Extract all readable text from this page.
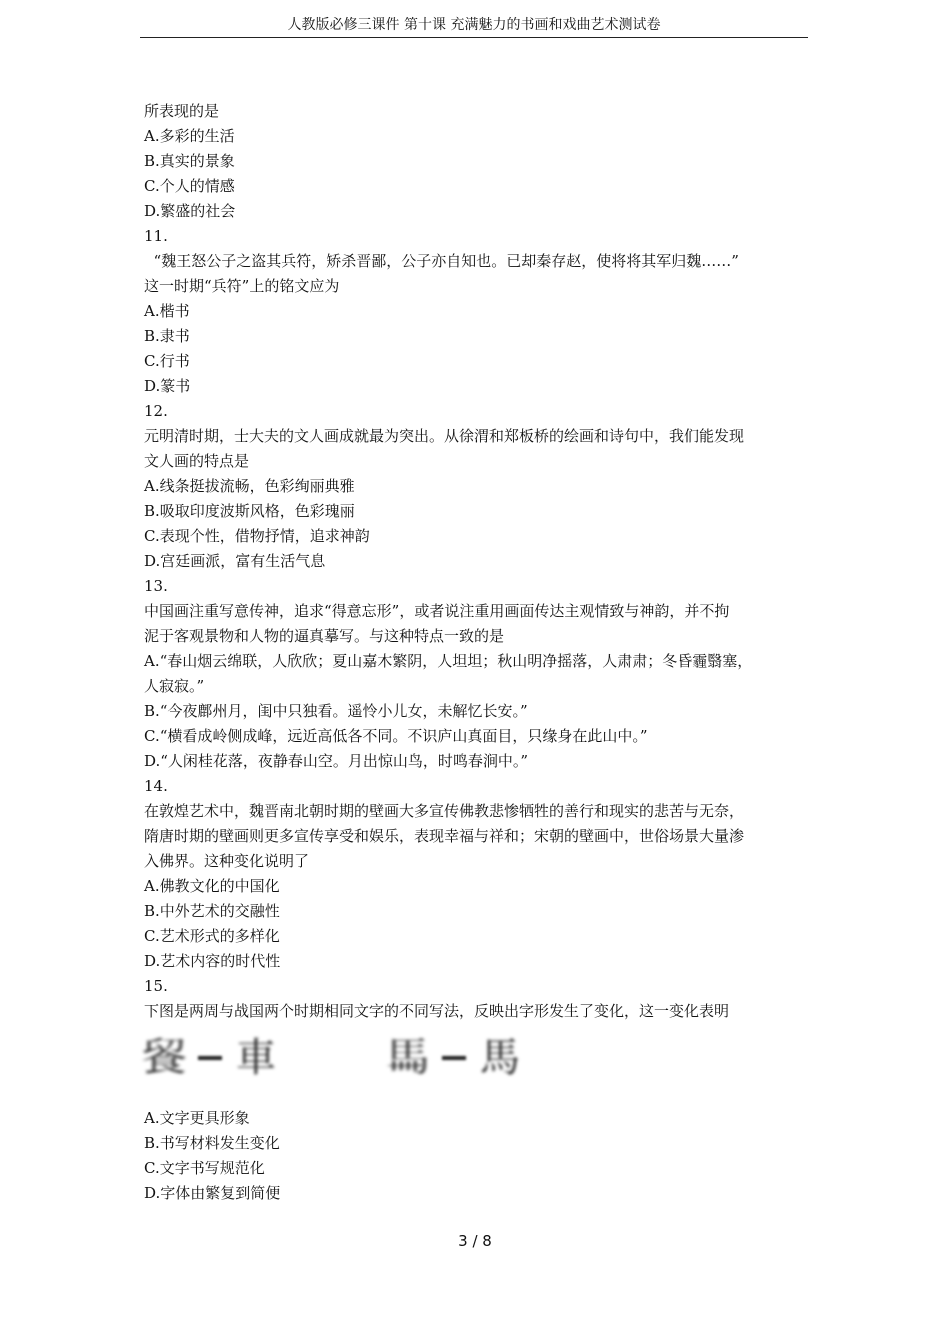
人教版必修三课件 第十课 充满魅力的书画和戏曲艺术测试卷
所表现的是
A.多彩的生活
B.真实的景象
C.个人的情感
D.繁盛的社会
11.
“魏王怒公子之盗其兵符，矫杀晋鄙，公子亦自知也。已却秦存赵，使将将其军归魏……”
这一时期“兵符”上的铭文应为
A.楷书
B.隶书
C.行书
D.篆书
12.
元明清时期，士大夫的文人画成就最为突出。从徐渭和郑板桥的绘画和诗句中，我们能发现
文人画的特点是
A.线条挺拔流畅，色彩绚丽典雅
B.吸取印度波斯风格，色彩瑰丽
C.表现个性，借物抒情，追求神韵
D.宫廷画派，富有生活气息
13.
中国画注重写意传神，追求“得意忘形”，或者说注重用画面传达主观情致与神韵，并不拘
泥于客观景物和人物的逼真摹写。与这种特点一致的是
A.“春山烟云绵联，人欣欣；夏山嘉木繁阴，人坦坦；秋山明净摇落，人肃肃；冬昏霾翳塞，
人寂寂。”
B.“今夜鄜州月，闺中只独看。遥怜小儿女，未解忆长安。”
C.“横看成岭侧成峰，远近高低各不同。不识庐山真面目，只缘身在此山中。”
D.“人闲桂花落，夜静春山空。月出惊山鸟，时鸣春涧中。”
14.
在敦煌艺术中，魏晋南北朝时期的壁画大多宣传佛教悲惨牺牲的善行和现实的悲苦与无奈，
隋唐时期的壁画则更多宣传享受和娱乐，表现幸福与祥和；宋朝的壁画中，世俗场景大量渗
入佛界。这种变化说明了
A.佛教文化的中国化
B.中外艺术的交融性
C.艺术形式的多样化
D.艺术内容的时代性
15.
下图是两周与战国两个时期相同文字的不同写法，反映出字形发生了变化，这一变化表明
𩛁 車	𩡧 馬
A.文字更具形象
B.书写材料发生变化
C.文字书写规范化
D.字体由繁复到简便
3 / 8
